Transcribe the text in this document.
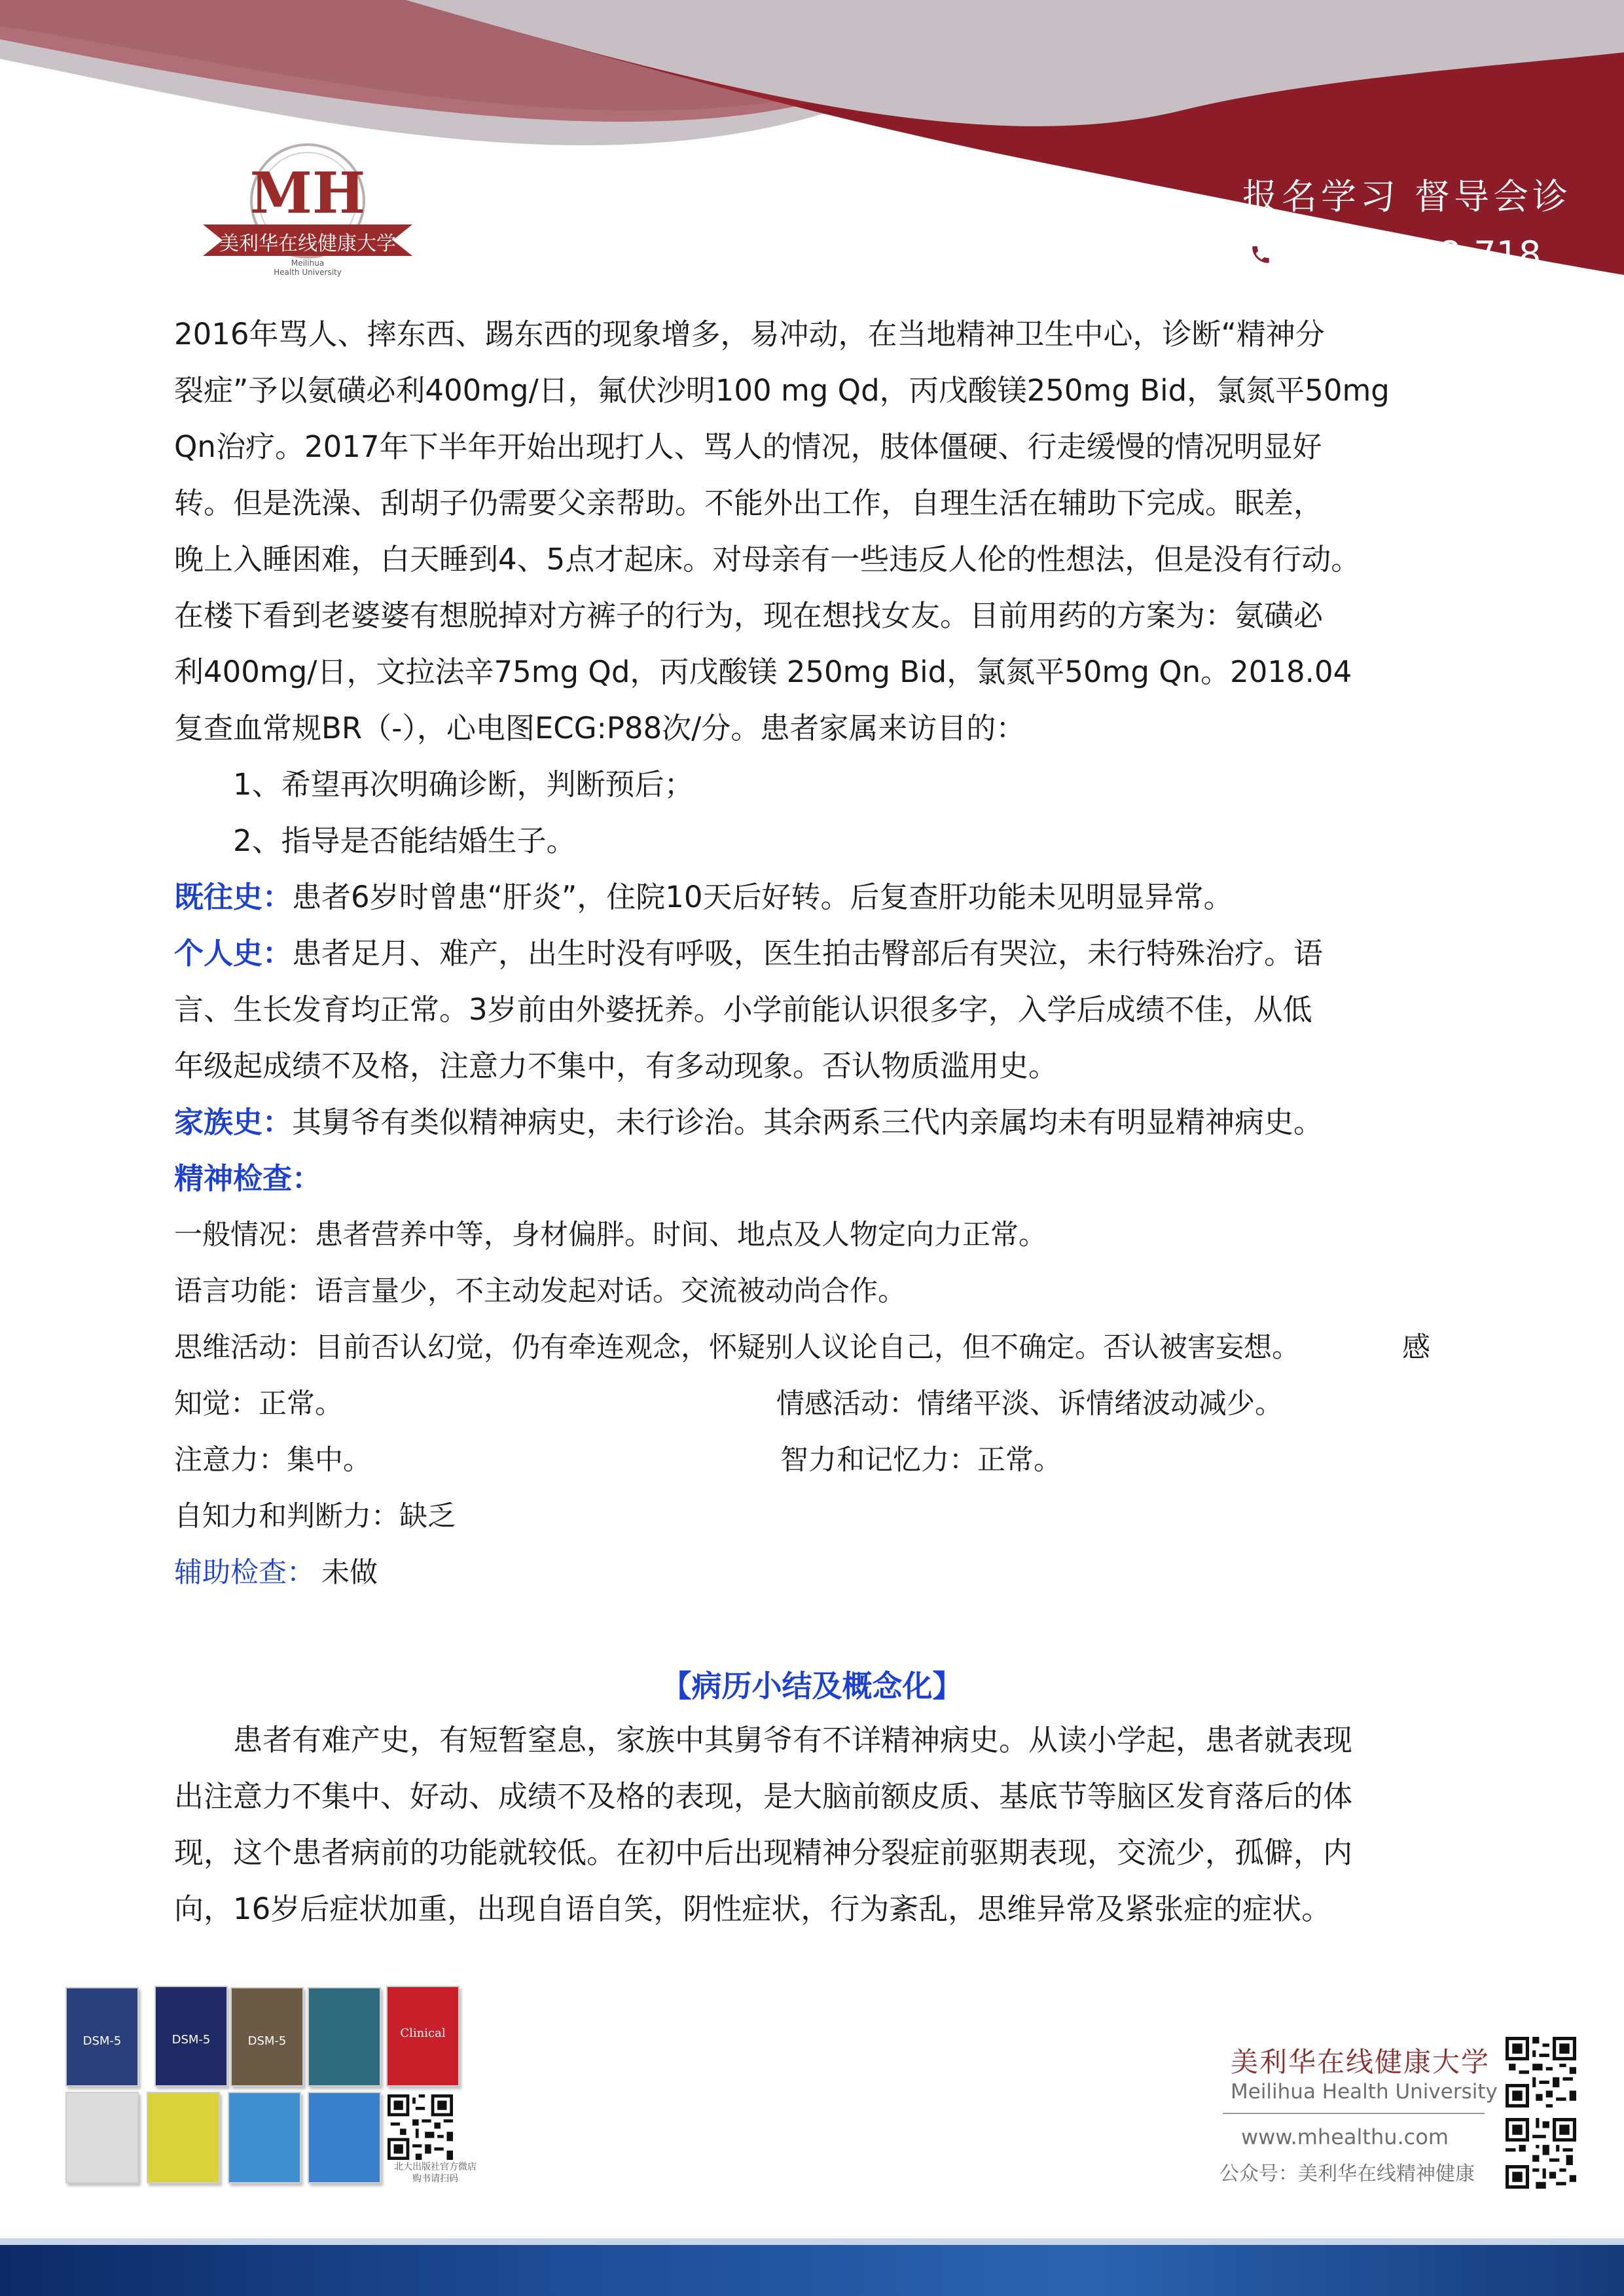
MH
美利华在线健康大学
Meilihua
Health University
报名学习 督导会诊
4000-218-718
2016年骂人、摔东西、踢东西的现象增多，易冲动，在当地精神卫生中心，诊断“精神分
裂症”予以氨磺必利400mg/日，氟伏沙明100 mg Qd，丙戊酸镁250mg Bid，氯氮平50mg
Qn治疗。2017年下半年开始出现打人、骂人的情况，肢体僵硬、行走缓慢的情况明显好
转。但是洗澡、刮胡子仍需要父亲帮助。不能外出工作，自理生活在辅助下完成。眠差，
晚上入睡困难，白天睡到4、5点才起床。对母亲有一些违反人伦的性想法，但是没有行动。
在楼下看到老婆婆有想脱掉对方裤子的行为，现在想找女友。目前用药的方案为：氨磺必
利400mg/日，文拉法辛75mg Qd，丙戊酸镁 250mg Bid，氯氮平50mg Qn。2018.04
复查血常规BR（-），心电图ECG:P88次/分。患者家属来访目的：
1、希望再次明确诊断，判断预后；
2、指导是否能结婚生子。
既往史：患者6岁时曾患“肝炎”，住院10天后好转。后复查肝功能未见明显异常。
个人史：患者足月、难产，出生时没有呼吸，医生拍击臀部后有哭泣，未行特殊治疗。语
言、生长发育均正常。3岁前由外婆抚养。小学前能认识很多字，入学后成绩不佳，从低
年级起成绩不及格，注意力不集中，有多动现象。否认物质滥用史。
家族史：其舅爷有类似精神病史，未行诊治。其余两系三代内亲属均未有明显精神病史。
精神检查：
一般情况：患者营养中等，身材偏胖。时间、地点及人物定向力正常。
语言功能：语言量少，不主动发起对话。交流被动尚合作。
思维活动：目前否认幻觉，仍有牵连观念，怀疑别人议论自己，但不确定。否认被害妄想。	感
知觉：正常。	情感活动：情绪平淡、诉情绪波动减少。
注意力：集中。	智力和记忆力：正常。
自知力和判断力：缺乏
辅助检查： 未做
【病历小结及概念化】
患者有难产史，有短暂窒息，家族中其舅爷有不详精神病史。从读小学起，患者就表现
出注意力不集中、好动、成绩不及格的表现，是大脑前额皮质、基底节等脑区发育落后的体
现，这个患者病前的功能就较低。在初中后出现精神分裂症前驱期表现，交流少，孤僻，内
向，16岁后症状加重，出现自语自笑，阴性症状，行为紊乱，思维异常及紧张症的症状。
DSM-5	DSM-5	DSM-5
Clinical
北大出版社官方微店
购书请扫码
美利华在线健康大学
Meilihua Health University
www.mhealthu.com
公众号：美利华在线精神健康
